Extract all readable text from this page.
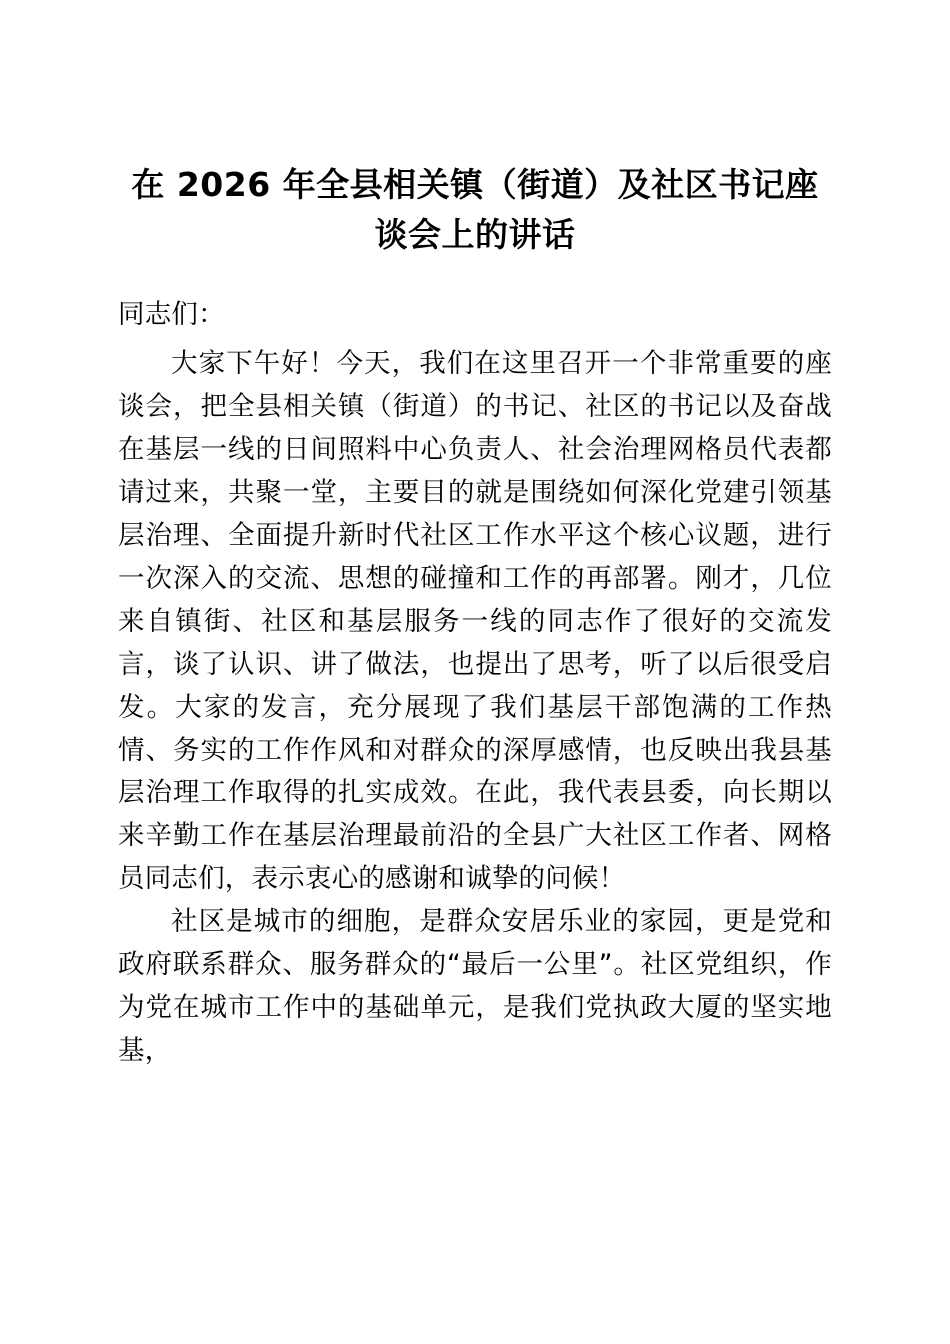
在 2026 年全县相关镇（街道）及社区书记座谈会上的讲话

同志们：

大家下午好！今天，我们在这里召开一个非常重要的座谈会，把全县相关镇（街道）的书记、社区的书记以及奋战在基层一线的日间照料中心负责人、社会治理网格员代表都请过来，共聚一堂，主要目的就是围绕如何深化党建引领基层治理、全面提升新时代社区工作水平这个核心议题，进行一次深入的交流、思想的碰撞和工作的再部署。刚才，几位来自镇街、社区和基层服务一线的同志作了很好的交流发言，谈了认识、讲了做法，也提出了思考，听了以后很受启发。大家的发言，充分展现了我们基层干部饱满的工作热情、务实的工作作风和对群众的深厚感情，也反映出我县基层治理工作取得的扎实成效。在此，我代表县委，向长期以来辛勤工作在基层治理最前沿的全县广大社区工作者、网格员同志们，表示衷心的感谢和诚挚的问候！

社区是城市的细胞，是群众安居乐业的家园，更是党和政府联系群众、服务群众的“最后一公里”。社区党组织，作为党在城市工作中的基础单元，是我们党执政大厦的坚实地基，
